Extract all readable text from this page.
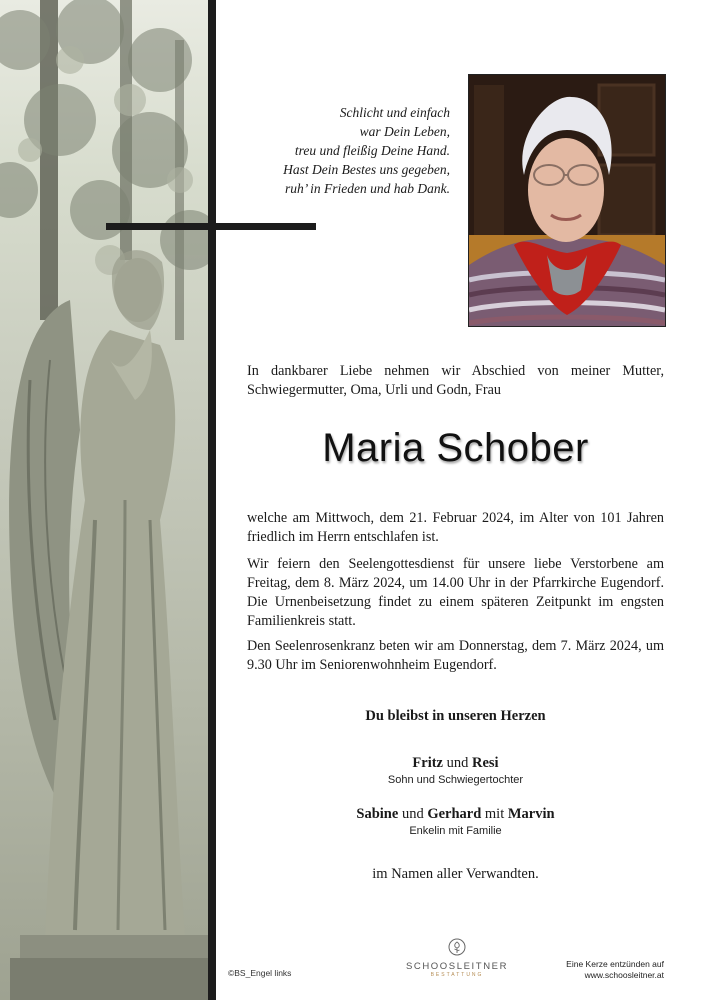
Schlicht und einfach
war Dein Leben,
treu und fleißig Deine Hand.
Hast Dein Bestes uns gegeben,
ruh’ in Frieden und hab Dank.
In dankbarer Liebe nehmen wir Abschied von meiner Mutter, Schwiegermutter, Oma, Urli und Godn, Frau
Maria Schober
welche am Mittwoch, dem 21. Februar 2024, im Alter von 101 Jahren friedlich im Herrn entschlafen ist.
Wir feiern den Seelengottesdienst für unsere liebe Verstorbene am Freitag, dem 8. März 2024, um 14.00 Uhr in der Pfarrkirche Eugendorf. Die Urnenbeisetzung findet zu einem späteren Zeitpunkt im engsten Familienkreis statt.
Den Seelenrosenkranz beten wir am Donnerstag, dem 7. März 2024, um 9.30 Uhr im Seniorenwohnheim Eugendorf.
Du bleibst in unseren Herzen
Fritz und Resi
Sohn und Schwiegertochter
Sabine und Gerhard mit Marvin
Enkelin mit Familie
im Namen aller Verwandten.
©BS_Engel links
SCHOOSLEITNER
BESTATTUNG
Eine Kerze entzünden auf
www.schoosleitner.at
